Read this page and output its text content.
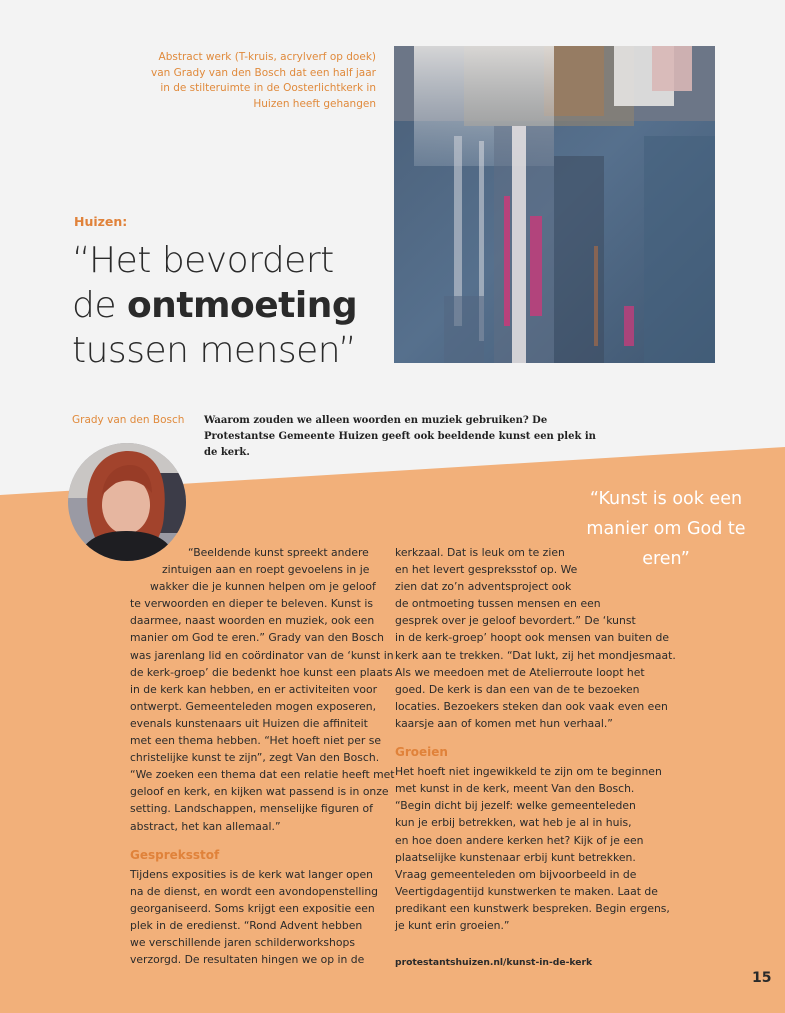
Abstract werk (T-kruis, acrylverf op doek) van Grady van den Bosch dat een half jaar in de stilteruimte in de Oosterlichtkerk in Huizen heeft gehangen
Huizen:
“Het bevordert
de ontmoeting
tussen mensen”
Grady van den Bosch Waarom zouden we alleen woorden en muziek gebruiken? De Protestantse Gemeente Huizen geeft ook beeldende kunst een plek in de kerk.
“Kunst is ook een manier om God te eren”

“Beeldende kunst spreekt andere
zintuigen aan en roept gevoelens in je
wakker die je kunnen helpen om je geloof
te verwoorden en dieper te beleven. Kunst is
daarmee, naast woorden en muziek, ook een
manier om God te eren.” Grady van den Bosch
was jarenlang lid en coördinator van de ‘kunst in
de kerk-groep’ die bedenkt hoe kunst een plaats
in de kerk kan hebben, en er activiteiten voor
ontwerpt. Gemeenteleden mogen exposeren,
evenals kunstenaars uit Huizen die affiniteit
met een thema hebben. “Het hoeft niet per se
christelijke kunst te zijn”, zegt Van den Bosch.
“We zoeken een thema dat een relatie heeft met
geloof en kerk, en kijken wat passend is in onze
setting. Landschappen, menselijke figuren of
abstract, het kan allemaal.”

Gespreksstof

Tijdens exposities is de kerk wat langer open
na de dienst, en wordt een avondopenstelling
georganiseerd. Soms krijgt een expositie een
plek in de eredienst. “Rond Advent hebben
we verschillende jaren schilderworkshops
verzorgd. De resultaten hingen we op in de

kerkzaal. Dat is leuk om te zien
en het levert gespreksstof op. We
zien dat zo’n adventsproject ook
de ontmoeting tussen mensen en een
gesprek over je geloof bevordert.” De ‘kunst
in de kerk-groep’ hoopt ook mensen van buiten de
kerk aan te trekken. “Dat lukt, zij het mondjesmaat.
Als we meedoen met de Atelierroute loopt het
goed. De kerk is dan een van de te bezoeken
locaties. Bezoekers steken dan ook vaak even een
kaarsje aan of komen met hun verhaal.”

Groeien

Het hoeft niet ingewikkeld te zijn om te beginnen
met kunst in de kerk, meent Van den Bosch.
“Begin dicht bij jezelf: welke gemeenteleden
kun je erbij betrekken, wat heb je al in huis,
en hoe doen andere kerken het? Kijk of je een
plaatselijke kunstenaar erbij kunt betrekken.
Vraag gemeenteleden om bijvoorbeeld in de
Veertigdagentijd kunstwerken te maken. Laat de
predikant een kunstwerk bespreken. Begin ergens,
je kunt erin groeien.”

protestantshuizen.nl/kunst-in-de-kerk
15
